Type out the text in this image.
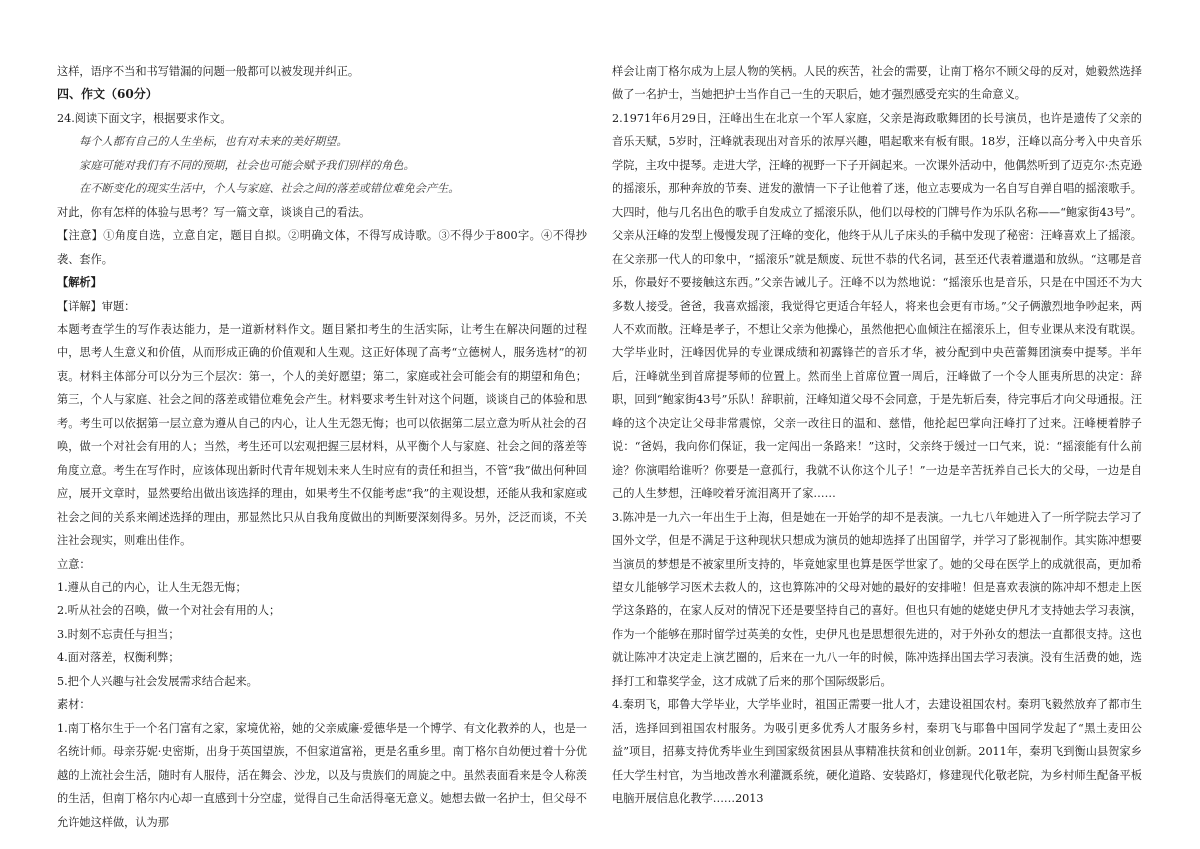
这样，语序不当和书写错漏的问题一般都可以被发现并纠正。

四、作文（60分）

24.阅读下面文字，根据要求作文。

每个人都有自己的人生坐标，也有对未来的美好期望。

家庭可能对我们有不同的预期，社会也可能会赋予我们别样的角色。

在不断变化的现实生活中，个人与家庭、社会之间的落差或错位难免会产生。

对此，你有怎样的体验与思考？写一篇文章，谈谈自己的看法。

【注意】①角度自选，立意自定，题目自拟。②明确文体，不得写成诗歌。③不得少于800字。④不得抄袭、套作。

【解析】

【详解】审题：

本题考查学生的写作表达能力，是一道新材料作文。题目紧扣考生的生活实际，让考生在解决问题的过程中，思考人生意义和价值，从而形成正确的价值观和人生观。这正好体现了高考“立德树人，服务选材”的初衷。材料主体部分可以分为三个层次：第一，个人的美好愿望；第二，家庭或社会可能会有的期望和角色；第三，个人与家庭、社会之间的落差或错位难免会产生。材料要求考生针对这个问题，谈谈自己的体验和思考。考生可以依据第一层立意为遵从自己的内心，让人生无怨无悔；也可以依据第二层立意为听从社会的召唤，做一个对社会有用的人；当然，考生还可以宏观把握三层材料，从平衡个人与家庭、社会之间的落差等角度立意。考生在写作时，应该体现出新时代青年规划未来人生时应有的责任和担当，不管“我”做出何种回应，展开文章时，显然要给出做出该选择的理由，如果考生不仅能考虑“我”的主观设想，还能从我和家庭或社会之间的关系来阐述选择的理由，那显然比只从自我角度做出的判断要深刻得多。另外，泛泛而谈，不关注社会现实，则难出佳作。

立意：

1.遵从自己的内心，让人生无怨无悔；

2.听从社会的召唤，做一个对社会有用的人；

3.时刻不忘责任与担当；

4.面对落差，权衡利弊；

5.把个人兴趣与社会发展需求结合起来。

素材：

1.南丁格尔生于一个名门富有之家，家境优裕，她的父亲威廉·爱德华是一个博学、有文化教养的人，也是一名统计师。母亲芬妮·史密斯，出身于英国望族，不但家道富裕，更是名重乡里。南丁格尔自幼便过着十分优越的上流社会生活，随时有人服侍，活在舞会、沙龙，以及与贵族们的周旋之中。虽然表面看来是令人称羡的生活，但南丁格尔内心却一直感到十分空虚，觉得自己生命活得毫无意义。她想去做一名护士，但父母不允许她这样做，认为那

样会让南丁格尔成为上层人物的笑柄。人民的疾苦，社会的需要，让南丁格尔不顾父母的反对，她毅然选择做了一名护士，当她把护士当作自己一生的天职后，她才强烈感受充实的生命意义。

2.1971年6月29日，汪峰出生在北京一个军人家庭，父亲是海政歌舞团的长号演员，也许是遗传了父亲的音乐天赋，5岁时，汪峰就表现出对音乐的浓厚兴趣，唱起歌来有板有眼。18岁，汪峰以高分考入中央音乐学院，主攻中提琴。走进大学，汪峰的视野一下子开阔起来。一次课外活动中，他偶然听到了迈克尔·杰克逊的摇滚乐，那种奔放的节奏、迸发的激情一下子让他着了迷，他立志要成为一名自写自弹自唱的摇滚歌手。大四时，他与几名出色的歌手自发成立了摇滚乐队，他们以母校的门牌号作为乐队名称——“鲍家街43号”。父亲从汪峰的发型上慢慢发现了汪峰的变化，他终于从儿子床头的手稿中发现了秘密：汪峰喜欢上了摇滚。在父亲那一代人的印象中，“摇滚乐”就是颓废、玩世不恭的代名词，甚至还代表着邋遢和放纵。“这哪是音乐，你最好不要接触这东西。”父亲告诫儿子。汪峰不以为然地说：“摇滚乐也是音乐，只是在中国还不为大多数人接受。爸爸，我喜欢摇滚，我觉得它更适合年轻人，将来也会更有市场。”父子俩激烈地争吵起来，两人不欢而散。汪峰是孝子，不想让父亲为他操心，虽然他把心血倾注在摇滚乐上，但专业课从来没有耽误。大学毕业时，汪峰因优异的专业课成绩和初露锋芒的音乐才华，被分配到中央芭蕾舞团演奏中提琴。半年后，汪峰就坐到首席提琴师的位置上。然而坐上首席位置一周后，汪峰做了一个令人匪夷所思的决定：辞职，回到“鲍家街43号”乐队！辞职前，汪峰知道父母不会同意，于是先斩后奏，待完事后才向父母通报。汪峰的这个决定让父母非常震惊，父亲一改往日的温和、慈惜，他抡起巴掌向汪峰打了过来。汪峰梗着脖子说：“爸妈，我向你们保证，我一定闯出一条路来！”这时，父亲终于缓过一口气来，说：“摇滚能有什么前途？你演唱给谁听？你要是一意孤行，我就不认你这个儿子！”一边是辛苦抚养自己长大的父母，一边是自己的人生梦想，汪峰咬着牙流泪离开了家……

3.陈冲是一九六一年出生于上海，但是她在一开始学的却不是表演。一九七八年她进入了一所学院去学习了国外文学，但是不满足于这种现状只想成为演员的她却选择了出国留学，并学习了影视制作。其实陈冲想要当演员的梦想是不被家里所支持的，毕竟她家里也算是医学世家了。她的父母在医学上的成就很高，更加希望女儿能够学习医术去救人的，这也算陈冲的父母对她的最好的安排啦！但是喜欢表演的陈冲却不想走上医学这条路的，在家人反对的情况下还是要坚持自己的喜好。但也只有她的姥姥史伊凡才支持她去学习表演，作为一个能够在那时留学过英美的女性，史伊凡也是思想很先进的，对于外孙女的想法一直都很支持。这也就让陈冲才决定走上演艺圈的，后来在一九八一年的时候，陈冲选择出国去学习表演。没有生活费的她，选择打工和靠奖学金，这才成就了后来的那个国际级影后。

4.秦玥飞，耶鲁大学毕业，大学毕业时，祖国正需要一批人才，去建设祖国农村。秦玥飞毅然放弃了都市生活，选择回到祖国农村服务。为吸引更多优秀人才服务乡村，秦玥飞与耶鲁中国同学发起了“黑土麦田公益”项目，招募支持优秀毕业生到国家级贫困县从事精准扶贫和创业创新。2011年，秦玥飞到衡山县贺家乡任大学生村官，为当地改善水利灌溉系统，硬化道路、安装路灯，修建现代化敬老院，为乡村师生配备平板电脑开展信息化教学……2013
